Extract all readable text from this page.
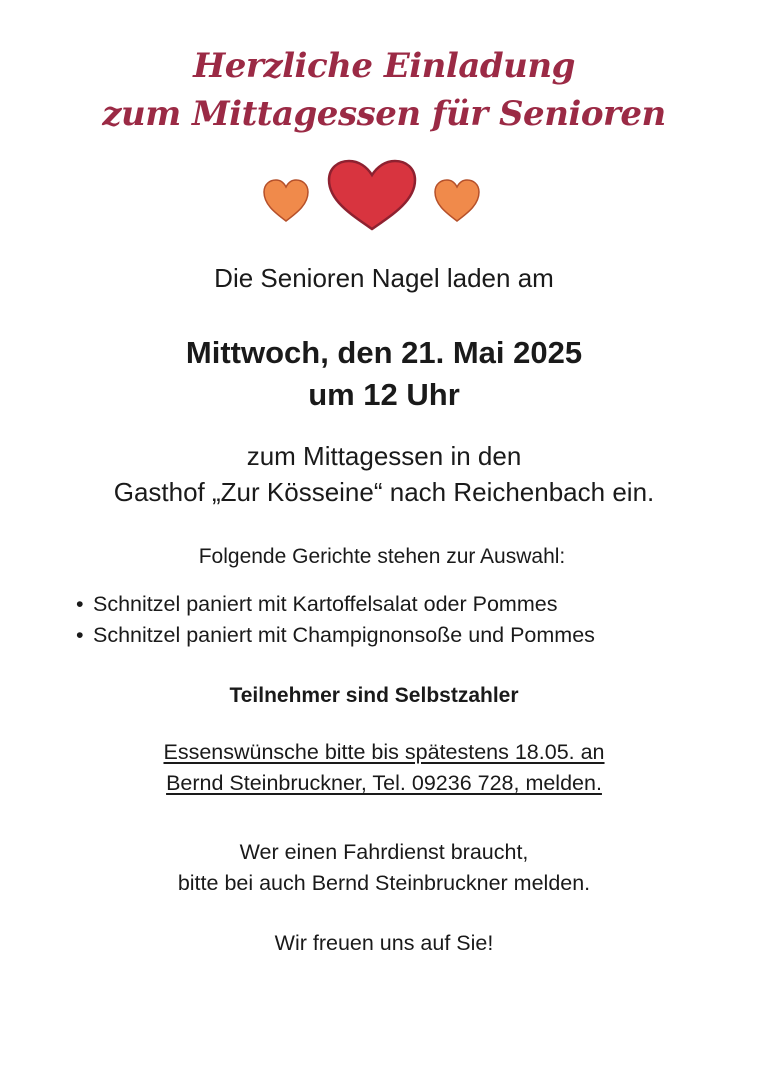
Herzliche Einladung
zum Mittagessen für Senioren

Die Senioren Nagel laden am

Mittwoch, den 21. Mai 2025

um 12 Uhr

zum Mittagessen in den

Gasthof „Zur Kösseine“ nach Reichenbach ein.

Folgende Gerichte stehen zur Auswahl:

• Schnitzel paniert mit Kartoffelsalat oder Pommes
• Schnitzel paniert mit Champignonsoße und Pommes

Teilnehmer sind Selbstzahler

Essenswünsche bitte bis spätestens 18.05. an

Bernd Steinbruckner, Tel. 09236 728, melden.

Wer einen Fahrdienst braucht,

bitte bei auch Bernd Steinbruckner melden.

Wir freuen uns auf Sie!
